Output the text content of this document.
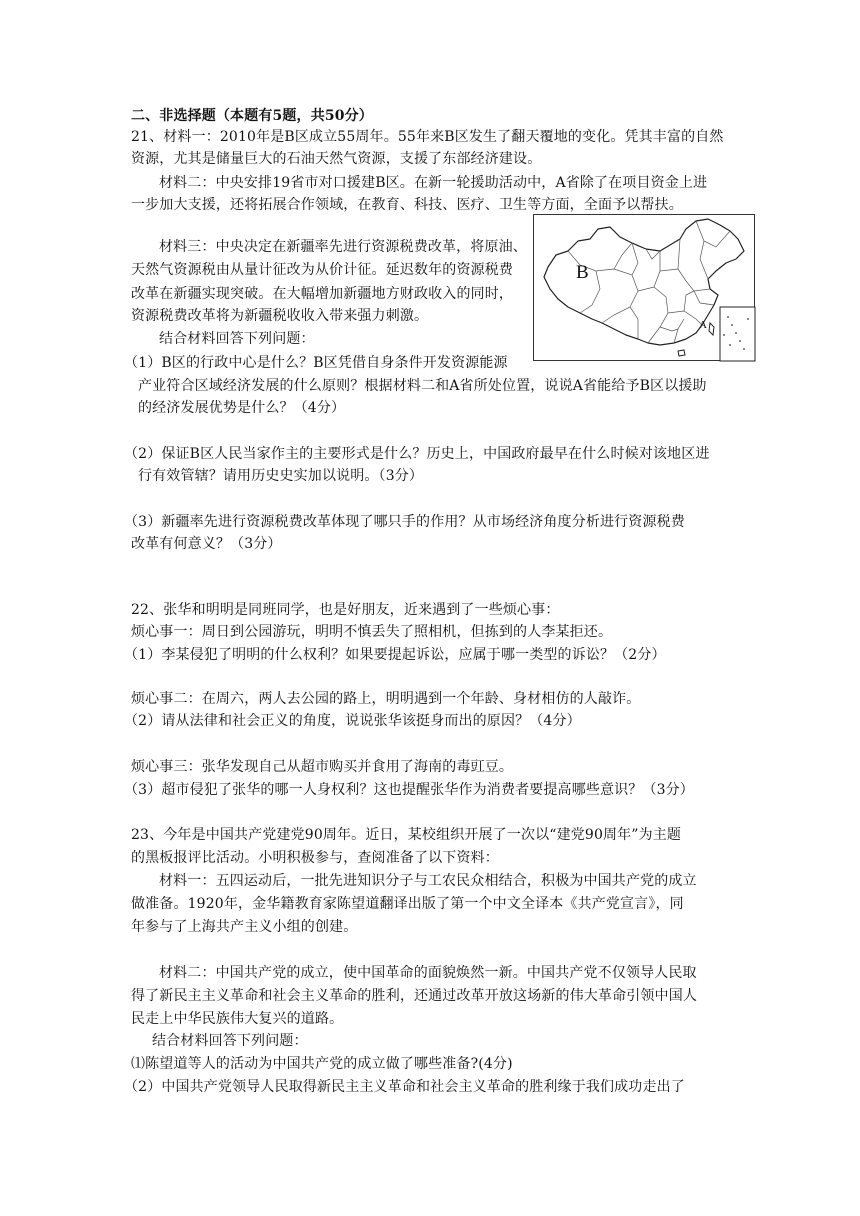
二、非选择题（本题有5题，共50分）
21、材料一：2010年是B区成立55周年。55年来B区发生了翻天覆地的变化。凭其丰富的自然
资源，尤其是储量巨大的石油天然气资源，支援了东部经济建设。
材料二：中央安排19省市对口援建B区。在新一轮援助活动中，A省除了在项目资金上进
一步加大支援，还将拓展合作领域，在教育、科技、医疗、卫生等方面，全面予以帮扶。
材料三：中央决定在新疆率先进行资源税费改革，将原油、
天然气资源税由从量计征改为从价计征。延迟数年的资源税费
改革在新疆实现突破。在大幅增加新疆地方财政收入的同时，
资源税费改革将为新疆税收收入带来强力刺激。
结合材料回答下列问题：
（1）B区的行政中心是什么？B区凭借自身条件开发资源能源
产业符合区域经济发展的什么原则？根据材料二和A省所处位置，说说A省能给予B区以援助
的经济发展优势是什么？（4分）
（2）保证B区人民当家作主的主要形式是什么？历史上，中国政府最早在什么时候对该地区进
行有效管辖？请用历史史实加以说明。（3分）
（3）新疆率先进行资源税费改革体现了哪只手的作用？从市场经济角度分析进行资源税费
改革有何意义？（3分）
B
A
22、张华和明明是同班同学，也是好朋友，近来遇到了一些烦心事：
烦心事一：周日到公园游玩，明明不慎丢失了照相机，但拣到的人李某拒还。
（1）李某侵犯了明明的什么权利？如果要提起诉讼，应属于哪一类型的诉讼？（2分）
烦心事二：在周六，两人去公园的路上，明明遇到一个年龄、身材相仿的人敲诈。
（2）请从法律和社会正义的角度，说说张华该挺身而出的原因？（4分）
烦心事三：张华发现自己从超市购买并食用了海南的毒豇豆。
（3）超市侵犯了张华的哪一人身权利？这也提醒张华作为消费者要提高哪些意识？（3分）
23、今年是中国共产党建党90周年。近日，某校组织开展了一次以“建党90周年”为主题
的黑板报评比活动。小明积极参与，查阅准备了以下资料：
材料一：五四运动后，一批先进知识分子与工农民众相结合，积极为中国共产党的成立
做准备。1920年，金华籍教育家陈望道翻译出版了第一个中文全译本《共产党宣言》，同
年参与了上海共产主义小组的创建。
材料二：中国共产党的成立，使中国革命的面貌焕然一新。中国共产党不仅领导人民取
得了新民主主义革命和社会主义革命的胜利，还通过改革开放这场新的伟大革命引领中国人
民走上中华民族伟大复兴的道路。
结合材料回答下列问题：
⑴陈望道等人的活动为中国共产党的成立做了哪些准备?(4分)
（2）中国共产党领导人民取得新民主主义革命和社会主义革命的胜利缘于我们成功走出了
